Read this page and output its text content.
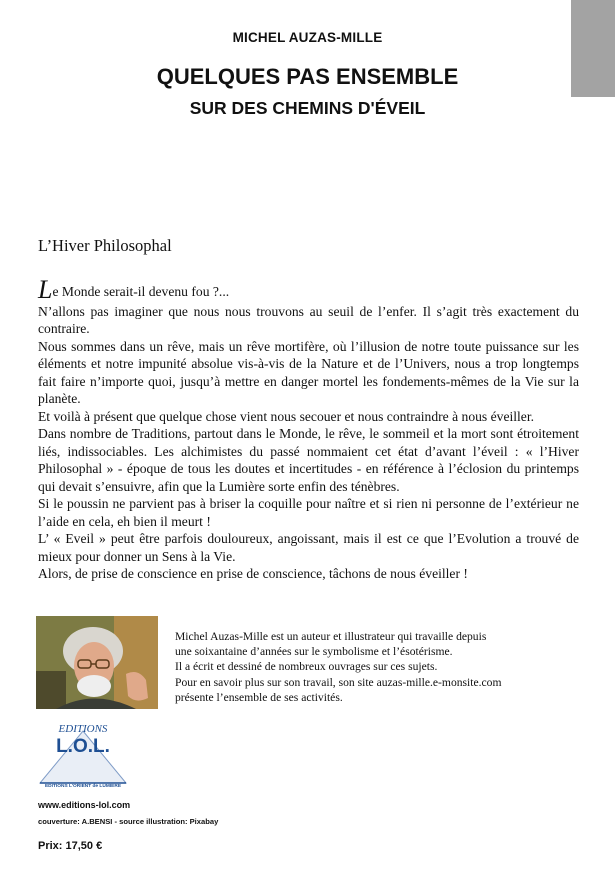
MICHEL AUZAS-MILLE
QUELQUES PAS ENSEMBLE
SUR DES CHEMINS D'ÉVEIL
L’Hiver Philosophal

Le Monde serait-il devenu fou ?...

N’allons pas imaginer que nous nous trouvons au seuil de l’enfer. Il s’agit très exactement du contraire.

Nous sommes dans un rêve, mais un rêve mortifère, où l’illusion de notre toute puissance sur les éléments et notre impunité absolue vis-à-vis de la Nature et de l’Univers, nous a trop longtemps fait faire n’importe quoi, jusqu’à mettre en danger mortel les fondements-mêmes de la Vie sur la planète.

Et voilà à présent que quelque chose vient nous secouer et nous contraindre à nous éveiller.

Dans nombre de Traditions, partout dans le Monde, le rêve, le sommeil et la mort sont étroitement liés, indissociables. Les alchimistes du passé nommaient cet état d’avant l’éveil : « l’Hiver Philosophal » - époque de tous les doutes et incertitudes - en référence à l’éclosion du printemps qui devait s’ensuivre, afin que la Lumière sorte enfin des ténèbres.

Si le poussin ne parvient pas à briser la coquille pour naître et si rien ni personne de l’extérieur ne l’aide en cela, eh bien il meurt !

L’ « Eveil » peut être parfois douloureux, angoissant, mais il est ce que l’Evolution a trouvé de mieux pour donner un Sens à la Vie.

Alors, de prise de conscience en prise de conscience, tâchons de nous éveiller !

Michel Auzas-Mille est un auteur et illustrateur qui travaille depuis

une soixantaine d’années sur le symbolisme et l’ésotérisme.

Il a écrit et dessiné de nombreux ouvrages sur ces sujets.

Pour en savoir plus sur son travail, son site auzas-mille.e-monsite.com

présente l’ensemble de ses activités.

EDITIONS
L.O.L.
EDITIONS L'ORIENT de LUMIERE
www.editions-lol.com
couverture: A.BENSI - source illustration: Pixabay
Prix: 17,50 €
